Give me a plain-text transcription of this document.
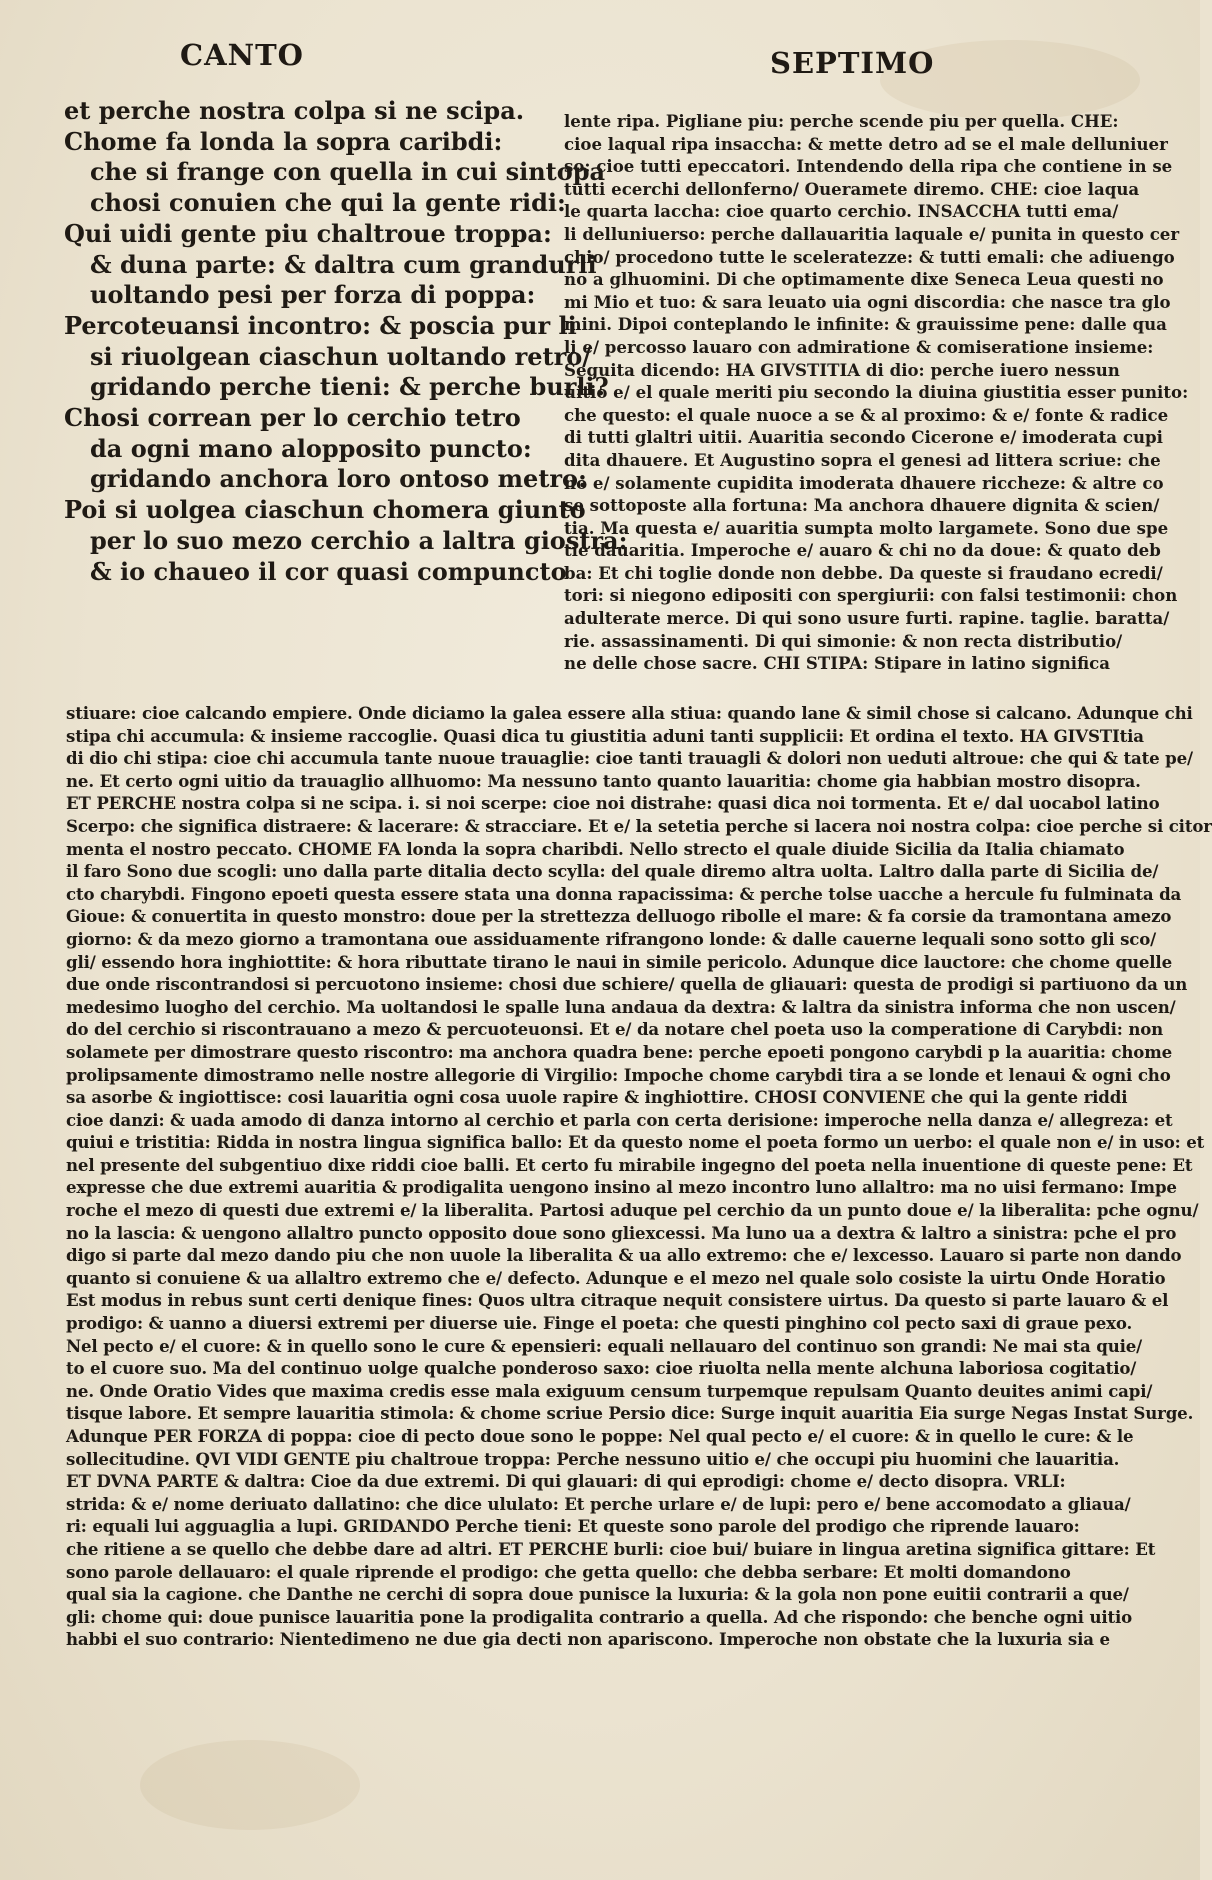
CANTO	SEPTIMO
et perche nostra colpa si ne scipa.
Chome fa londa la sopra caribdi:
che si frange con quella in cui sintopa
chosi conuien che qui la gente ridi:
Qui uidi gente piu chaltroue troppa:
& duna parte: & daltra cum grandurli
uoltando pesi per forza di poppa:
Percoteuansi incontro: & poscia pur li
si riuolgean ciaschun uoltando retro/
gridando perche tieni: & perche burli?
Chosi correan per lo cerchio tetro
da ogni mano alopposito puncto:
gridando anchora loro ontoso metro:
Poi si uolgea ciaschun chomera giunto
per lo suo mezo cerchio a laltra giostra:
& io chaueo il cor quasi compuncto
lente ripa. Pigliane piu: perche scende piu per quella. CHE:
cioe laqual ripa insaccha: & mette detro ad se el male delluniuer
so: cioe tutti epeccatori. Intendendo della ripa che contiene in se
tutti ecerchi dellonferno/ Oueramete diremo. CHE: cioe laqua
le quarta laccha: cioe quarto cerchio. INSACCHA tutti ema/
li delluniuerso: perche dallauaritia laquale e/ punita in questo cer
chio/ procedono tutte le sceleratezze: & tutti emali: che adiuengo
no a glhuomini. Di che optimamente dixe Seneca Leua questi no
mi Mio et tuo: & sara leuato uia ogni discordia: che nasce tra glo
mini. Dipoi conteplando le infinite: & grauissime pene: dalle qua
li e/ percosso lauaro con admiratione & comiseratione insieme:
Seguita dicendo: HA GIVSTITIA di dio: perche iuero nessun
uitio e/ el quale meriti piu secondo la diuina giustitia esser punito:
che questo: el quale nuoce a se & al proximo: & e/ fonte & radice
di tutti glaltri uitii. Auaritia secondo Cicerone e/ imoderata cupi
dita dhauere. Et Augustino sopra el genesi ad littera scriue: che
no e/ solamente cupidita imoderata dhauere riccheze: & altre co
se sottoposte alla fortuna: Ma anchora dhauere dignita & scien/
tia. Ma questa e/ auaritia sumpta molto largamete. Sono due spe
tie dauaritia. Imperoche e/ auaro & chi no da doue: & quato deb
ba: Et chi toglie donde non debbe. Da queste si fraudano ecredi/
tori: si niegono edipositi con spergiurii: con falsi testimonii: chon
adulterate merce. Di qui sono usure furti. rapine. taglie. baratta/
rie. assassinamenti. Di qui simonie: & non recta distributio/
ne delle chose sacre. CHI STIPA: Stipare in latino significa
stiuare: cioe calcando empiere. Onde diciamo la galea essere alla stiua: quando lane & simil chose si calcano. Adunque chi
stipa chi accumula: & insieme raccoglie. Quasi dica tu giustitia aduni tanti supplicii: Et ordina el texto. HA GIVSTItia
di dio chi stipa: cioe chi accumula tante nuoue trauaglie: cioe tanti trauagli & dolori non ueduti altroue: che qui & tate pe/
ne. Et certo ogni uitio da trauaglio allhuomo: Ma nessuno tanto quanto lauaritia: chome gia habbian mostro disopra.
ET PERCHE nostra colpa si ne scipa. i. si noi scerpe: cioe noi distrahe: quasi dica noi tormenta. Et e/ dal uocabol latino
Scerpo: che significa distraere: & lacerare: & stracciare. Et e/ la setetia perche si lacera noi nostra colpa: cioe perche si citor
menta el nostro peccato. CHOME FA londa la sopra charibdi. Nello strecto el quale diuide Sicilia da Italia chiamato
il faro Sono due scogli: uno dalla parte ditalia decto scylla: del quale diremo altra uolta. Laltro dalla parte di Sicilia de/
cto charybdi. Fingono epoeti questa essere stata una donna rapacissima: & perche tolse uacche a hercule fu fulminata da
Gioue: & conuertita in questo monstro: doue per la strettezza delluogo ribolle el mare: & fa corsie da tramontana amezo
giorno: & da mezo giorno a tramontana oue assiduamente rifrangono londe: & dalle cauerne lequali sono sotto gli sco/
gli/ essendo hora inghiottite: & hora ributtate tirano le naui in simile pericolo. Adunque dice lauctore: che chome quelle
due onde riscontrandosi si percuotono insieme: chosi due schiere/ quella de gliauari: questa de prodigi si partiuono da un
medesimo luogho del cerchio. Ma uoltandosi le spalle luna andaua da dextra: & laltra da sinistra informa che non uscen/
do del cerchio si riscontrauano a mezo & percuoteuonsi. Et e/ da notare chel poeta uso la comperatione di Carybdi: non
solamete per dimostrare questo riscontro: ma anchora quadra bene: perche epoeti pongono carybdi p la auaritia: chome
prolipsamente dimostramo nelle nostre allegorie di Virgilio: Impoche chome carybdi tira a se londe et lenaui & ogni cho
sa asorbe & ingiottisce: cosi lauaritia ogni cosa uuole rapire & inghiottire. CHOSI CONVIENE che qui la gente riddi
cioe danzi: & uada amodo di danza intorno al cerchio et parla con certa derisione: imperoche nella danza e/ allegreza: et
quiui e tristitia: Ridda in nostra lingua significa ballo: Et da questo nome el poeta formo un uerbo: el quale non e/ in uso: et
nel presente del subgentiuo dixe riddi cioe balli. Et certo fu mirabile ingegno del poeta nella inuentione di queste pene: Et
expresse che due extremi auaritia & prodigalita uengono insino al mezo incontro luno allaltro: ma no uisi fermano: Impe
roche el mezo di questi due extremi e/ la liberalita. Partosi aduque pel cerchio da un punto doue e/ la liberalita: pche ognu/
no la lascia: & uengono allaltro puncto opposito doue sono gliexcessi. Ma luno ua a dextra & laltro a sinistra: pche el pro
digo si parte dal mezo dando piu che non uuole la liberalita & ua allo extremo: che e/ lexcesso. Lauaro si parte non dando
quanto si conuiene & ua allaltro extremo che e/ defecto. Adunque e el mezo nel quale solo cosiste la uirtu Onde Horatio
Est modus in rebus sunt certi denique fines: Quos ultra citraque nequit consistere uirtus. Da questo si parte lauaro & el
prodigo: & uanno a diuersi extremi per diuerse uie. Finge el poeta: che questi pinghino col pecto saxi di graue pexo.
Nel pecto e/ el cuore: & in quello sono le cure & epensieri: equali nellauaro del continuo son grandi: Ne mai sta quie/
to el cuore suo. Ma del continuo uolge qualche ponderoso saxo: cioe riuolta nella mente alchuna laboriosa cogitatio/
ne. Onde Oratio Vides que maxima credis esse mala exiguum censum turpemque repulsam Quanto deuites animi capi/
tisque labore. Et sempre lauaritia stimola: & chome scriue Persio dice: Surge inquit auaritia Eia surge Negas Instat Surge.
Adunque PER FORZA di poppa: cioe di pecto doue sono le poppe: Nel qual pecto e/ el cuore: & in quello le cure: & le
sollecitudine. QVI VIDI GENTE piu chaltroue troppa: Perche nessuno uitio e/ che occupi piu huomini che lauaritia.
ET DVNA PARTE & daltra: Cioe da due extremi. Di qui glauari: di qui eprodigi: chome e/ decto disopra. VRLI:
strida: & e/ nome deriuato dallatino: che dice ululato: Et perche urlare e/ de lupi: pero e/ bene accomodato a gliaua/
ri: equali lui agguaglia a lupi. GRIDANDO Perche tieni: Et queste sono parole del prodigo che riprende lauaro:
che ritiene a se quello che debbe dare ad altri. ET PERCHE burli: cioe bui/ buiare in lingua aretina significa gittare: Et
sono parole dellauaro: el quale riprende el prodigo: che getta quello: che debba serbare: Et molti domandono
qual sia la cagione. che Danthe ne cerchi di sopra doue punisce la luxuria: & la gola non pone euitii contrarii a que/
gli: chome qui: doue punisce lauaritia pone la prodigalita contrario a quella. Ad che rispondo: che benche ogni uitio
habbi el suo contrario: Nientedimeno ne due gia decti non aparisсono. Imperoche non obstate che la luxuria sia e
